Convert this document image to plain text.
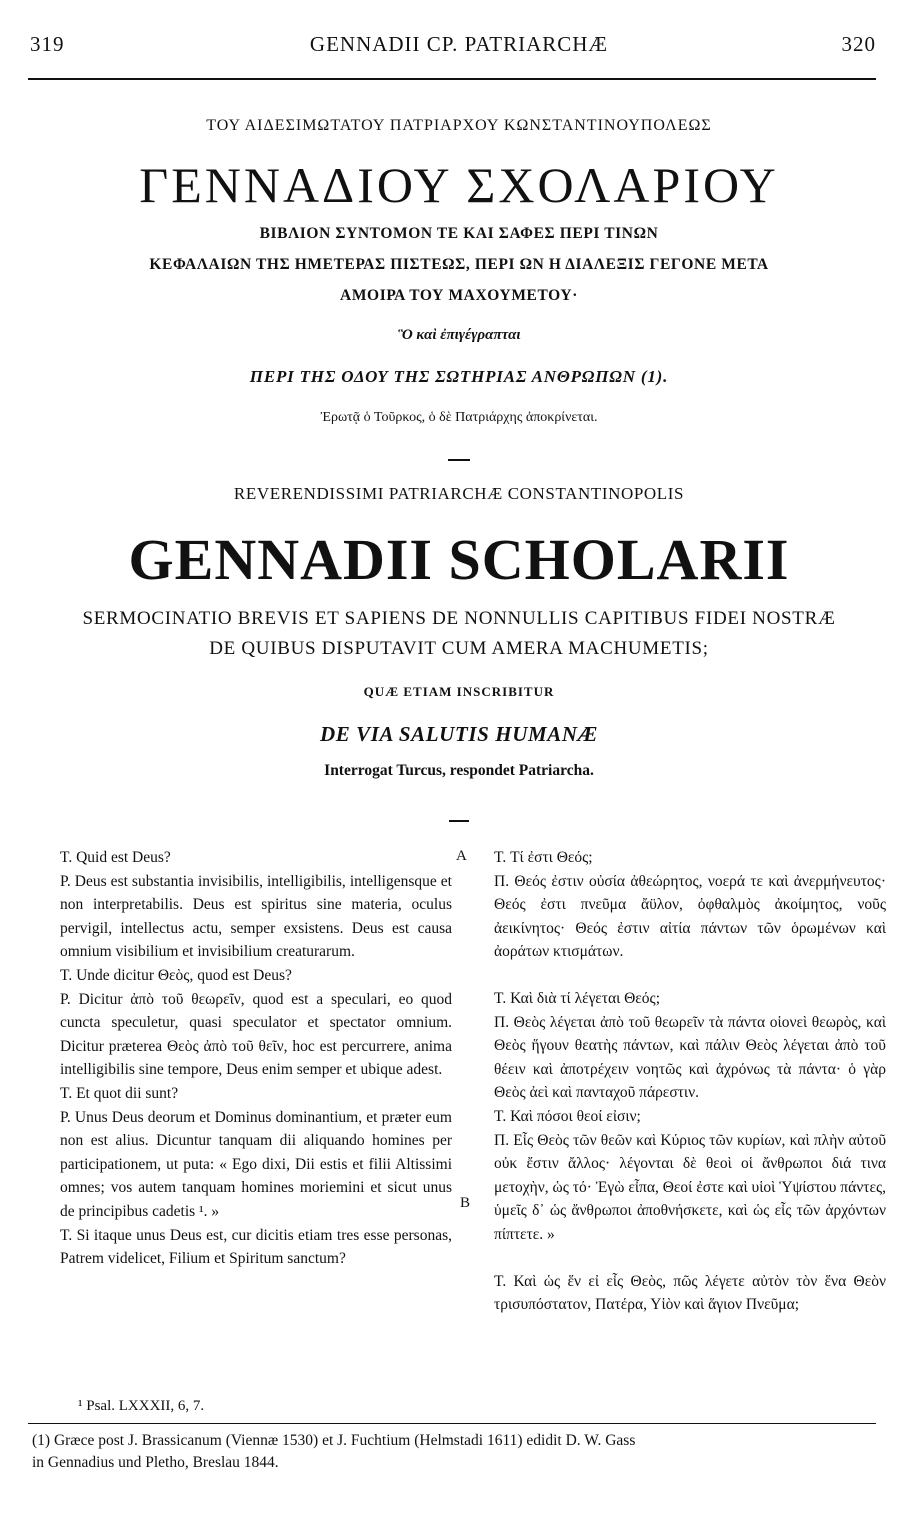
319	GENNADII CP. PATRIARCHÆ	320
ΤΟΥ ΑΙΔΕΣΙΜΩΤΑΤΟΥ ΠΑΤΡΙΑΡΧΟΥ ΚΩΝΣΤΑΝΤΙΝΟΥΠΟΛΕΩΣ
ΓΕΝΝΑΔΙΟΥ ΣΧΟΛΑΡΙΟΥ
ΒΙΒΛΙΟΝ ΣΥΝΤΟΜΟΝ ΤΕ ΚΑΙ ΣΑΦΕΣ ΠΕΡΙ ΤΙΝΩΝ
ΚΕΦΑΛΑΙΩΝ ΤΗΣ ΗΜΕΤΕΡΑΣ ΠΙΣΤΕΩΣ, ΠΕΡΙ ΩΝ Η ΔΙΑΛΕΞΙΣ ΓΕΓΟΝΕ ΜΕΤΑ
ΑΜΟΙΡΑ ΤΟΥ ΜΑΧΟΥΜΕΤΟΥ·
Ὃ καὶ ἐπιγέγραπται
ΠΕΡΙ ΤΗΣ ΟΔΟΥ ΤΗΣ ΣΩΤΗΡΙΑΣ ΑΝΘΡΩΠΩΝ (1).
Ἐρωτᾷ ὁ Τοῦρκος, ὁ δὲ Πατριάρχης ἀποκρίνεται.
REVERENDISSIMI PATRIARCHÆ CONSTANTINOPOLIS
GENNADII SCHOLARII
SERMOCINATIO BREVIS ET SAPIENS DE NONNULLIS CAPITIBUS FIDEI NOSTRÆ
DE QUIBUS DISPUTAVIT CUM AMERA MACHUMETIS;
QUÆ ETIAM INSCRIBITUR
DE VIA SALUTIS HUMANÆ
Interrogat Turcus, respondet Patriarcha.
A
B

T. Quid est Deus?

P. Deus est substantia invisibilis, intelligibilis, intelligensque et non interpretabilis. Deus est spiritus sine materia, oculus pervigil, intellectus actu, semper exsistens. Deus est causa omnium visibilium et invisibilium creaturarum.

T. Unde dicitur Θεὸς, quod est Deus?

P. Dicitur ἀπὸ τοῦ θεωρεῖν, quod est a speculari, eo quod cuncta speculetur, quasi speculator et spectator omnium. Dicitur præterea Θεὸς ἀπὸ τοῦ θεῖν, hoc est percurrere, anima intelligibilis sine tempore, Deus enim semper et ubique adest.

T. Et quot dii sunt?

P. Unus Deus deorum et Dominus dominantium, et præter eum non est alius. Dicuntur tanquam dii aliquando homines per participationem, ut puta: « Ego dixi, Dii estis et filii Altissimi omnes; vos autem tanquam homines moriemini et sicut unus de principibus cadetis ¹. »

T. Si itaque unus Deus est, cur dicitis etiam tres esse personas, Patrem videlicet, Filium et Spiritum sanctum?

T. Τί ἐστι Θεός;

Π. Θεός ἐστιν οὐσία ἀθεώρητος, νοερά τε καὶ ἀνερμήνευτος· Θεός ἐστι πνεῦμα ἄϋλον, ὀφθαλμὸς ἀκοίμητος, νοῦς ἀεικίνητος· Θεός ἐστιν αἰτία πάντων τῶν ὁρωμένων καὶ ἀοράτων κτισμάτων.

T. Καὶ διὰ τί λέγεται Θεός;

Π. Θεὸς λέγεται ἀπὸ τοῦ θεωρεῖν τὰ πάντα οἱονεὶ θεωρὸς, καὶ Θεὸς ἥγουν θεατὴς πάντων, καὶ πάλιν Θεὸς λέγεται ἀπὸ τοῦ θέειν καὶ ἀποτρέχειν νοητῶς καὶ ἀχρόνως τὰ πάντα· ὁ γὰρ Θεὸς ἀεὶ καὶ πανταχοῦ πάρεστιν.

T. Καὶ πόσοι θεοί εἰσιν;

Π. Εἷς Θεὸς τῶν θεῶν καὶ Κύριος τῶν κυρίων, καὶ πλὴν αὐτοῦ οὐκ ἔστιν ἄλλος· λέγονται δὲ θεοὶ οἱ ἄνθρωποι διά τινα μετοχὴν, ὡς τό· Ἐγὼ εἶπα, Θεοί ἐστε καὶ υἱοὶ Ὑψίστου πάντες, ὑμεῖς δ᾽ ὡς ἄνθρωποι ἀποθνήσκετε, καὶ ὡς εἷς τῶν ἀρχόντων πίπτετε. »

T. Καὶ ὡς ἕν εἰ εἷς Θεὸς, πῶς λέγετε αὐτὸν τὸν ἕνα Θεὸν τρισυπόστατον, Πατέρα, Υἱὸν καὶ ἅγιον Πνεῦμα;

¹ Psal. LXXXII, 6, 7.
(1) Græce post J. Brassicanum (Viennæ 1530) et J. Fuchtium (Helmstadi 1611) edidit D. W. Gass
in Gennadius und Pletho, Breslau 1844.
